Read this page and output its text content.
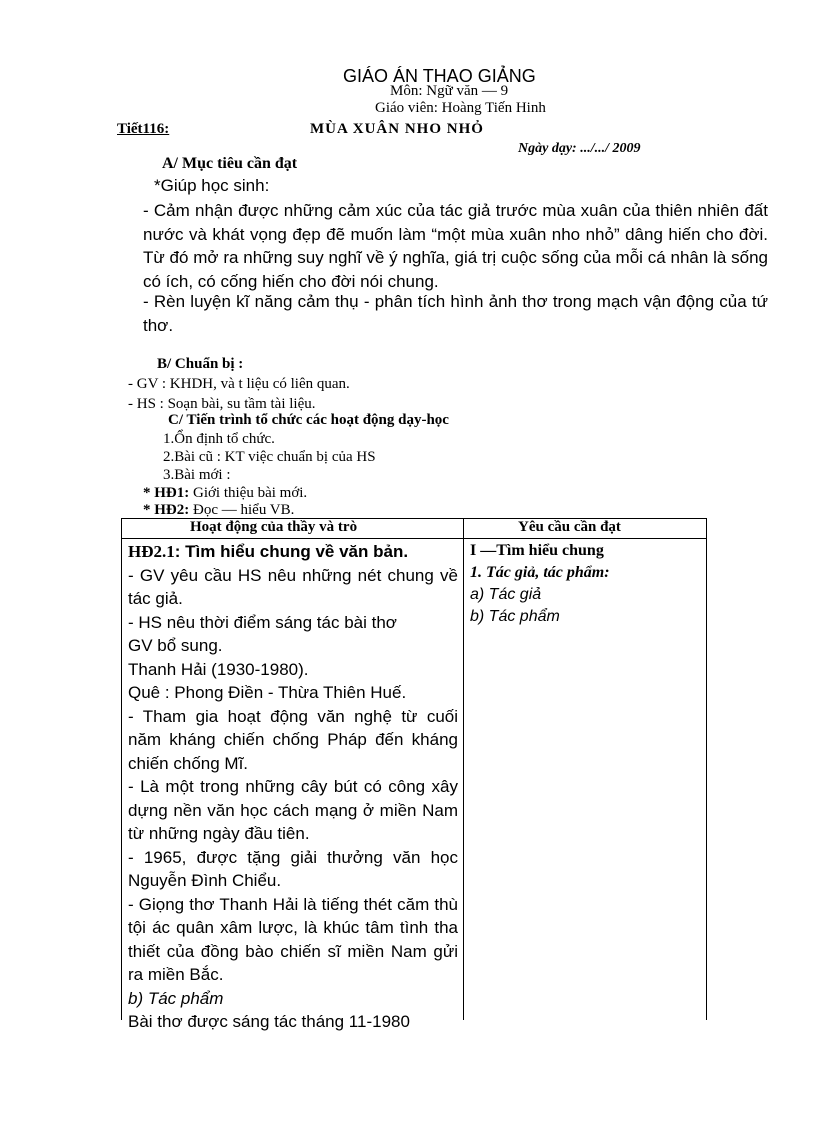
GIÁO ÁN THAO GIẢNG
Môn: Ngữ văn — 9
Giáo viên: Hoàng Tiến Hinh
Tiết116:	MÙA XUÂN NHO NHỎ
Ngày dạy: .../.../ 2009
A/ Mục tiêu cần đạt
*Giúp học sinh:
- Cảm nhận được những cảm xúc của tác giả trước mùa xuân của thiên nhiên đất nước và khát vọng đẹp đẽ muốn làm “một mùa xuân nho nhỏ” dâng hiến cho đời. Từ đó mở ra những suy nghĩ về ý nghĩa, giá trị cuộc sống của mỗi cá nhân là sống có ích, có cống hiến cho đời nói chung.
- Rèn luyện kĩ năng cảm thụ - phân tích hình ảnh thơ trong mạch vận động của tứ thơ.
B/ Chuẩn bị :
- GV : KHDH, và t liệu có liên quan.
- HS : Soạn bài, su tầm tài liệu.
C/ Tiến trình tổ chức các hoạt động dạy-học
1.Ổn định tổ chức.
2.Bài cũ : KT việc chuẩn bị của HS
3.Bài mới :
* HĐ1: Giới thiệu bài mới.
* HĐ2: Đọc — hiểu VB.
Hoạt động của thầy và trò	Yêu cầu cần đạt

HĐ2.1: Tìm hiểu chung về văn bản.

- GV yêu cầu HS nêu những nét chung về tác giả.

- HS nêu thời điểm sáng tác bài thơ

GV bổ sung.

Thanh Hải (1930-1980).

Quê : Phong Điền - Thừa Thiên Huế.

- Tham gia hoạt động văn nghệ từ cuối năm kháng chiến chống Pháp đến kháng chiến chống Mĩ.

- Là một trong những cây bút có công xây dựng nền văn học cách mạng ở miền Nam từ những ngày đầu tiên.

- 1965, được tặng giải thưởng văn học Nguyễn Đình Chiểu.

- Giọng thơ Thanh Hải là tiếng thét căm thù tội ác quân xâm lược, là khúc tâm tình tha thiết của đồng bào chiến sĩ miền Nam gửi ra miền Bắc.

b) Tác phẩm

Bài thơ được sáng tác tháng 11-1980

I —Tìm hiểu chung

1. Tác giả, tác phẩm:

a) Tác giả

b) Tác phẩm
